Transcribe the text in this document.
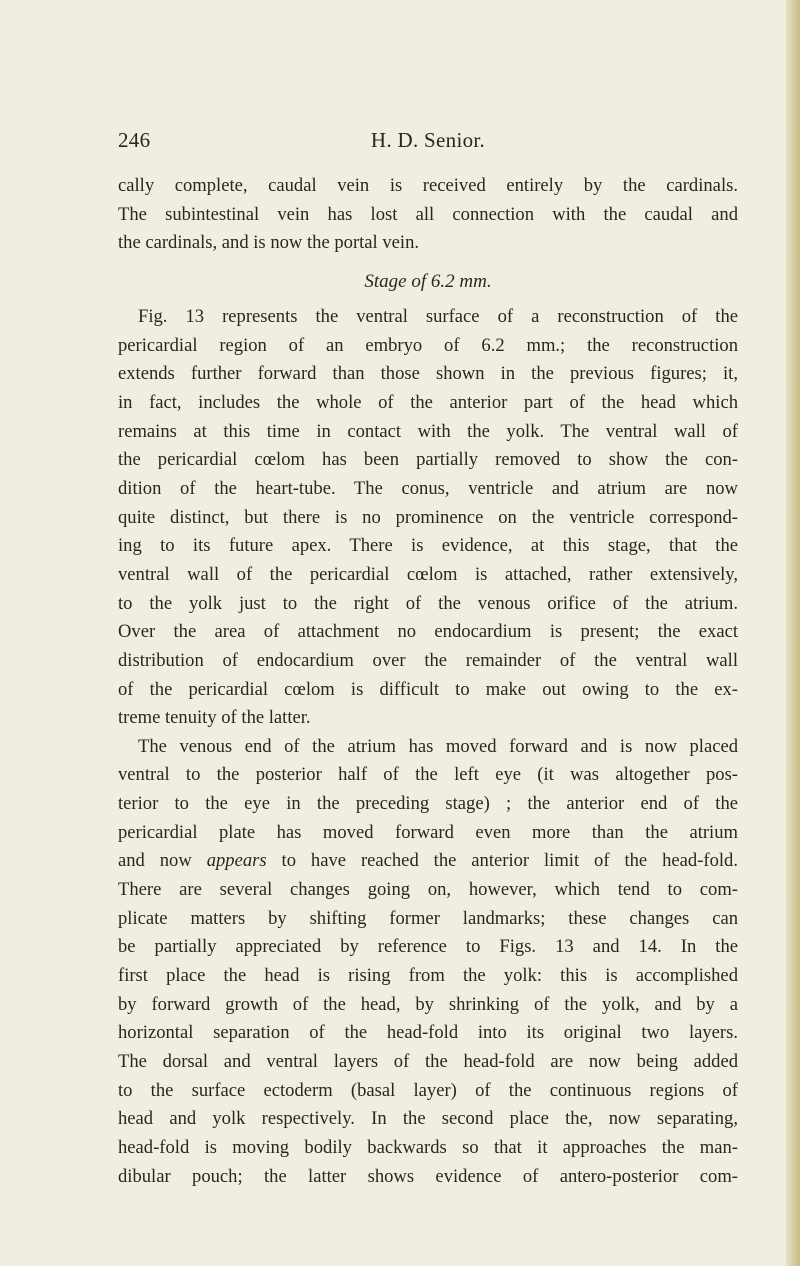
246	H. D. Senior.

cally complete, caudal vein is received entirely by the cardinals.

The subintestinal vein has lost all connection with the caudal and

the cardinals, and is now the portal vein.

Stage of 6.2 mm.

Fig. 13 represents the ventral surface of a reconstruction of the

pericardial region of an embryo of 6.2 mm.; the reconstruction

extends further forward than those shown in the previous figures; it,

in fact, includes the whole of the anterior part of the head which

remains at this time in contact with the yolk. The ventral wall of

the pericardial cœlom has been partially removed to show the con-

dition of the heart-tube. The conus, ventricle and atrium are now

quite distinct, but there is no prominence on the ventricle correspond-

ing to its future apex. There is evidence, at this stage, that the

ventral wall of the pericardial cœlom is attached, rather extensively,

to the yolk just to the right of the venous orifice of the atrium.

Over the area of attachment no endocardium is present; the exact

distribution of endocardium over the remainder of the ventral wall

of the pericardial cœlom is difficult to make out owing to the ex-

treme tenuity of the latter.

The venous end of the atrium has moved forward and is now placed

ventral to the posterior half of the left eye (it was altogether pos-

terior to the eye in the preceding stage) ; the anterior end of the

pericardial plate has moved forward even more than the atrium

and now appears to have reached the anterior limit of the head-fold.

There are several changes going on, however, which tend to com-

plicate matters by shifting former landmarks; these changes can

be partially appreciated by reference to Figs. 13 and 14. In the

first place the head is rising from the yolk: this is accomplished

by forward growth of the head, by shrinking of the yolk, and by a

horizontal separation of the head-fold into its original two layers.

The dorsal and ventral layers of the head-fold are now being added

to the surface ectoderm (basal layer) of the continuous regions of

head and yolk respectively. In the second place the, now separating,

head-fold is moving bodily backwards so that it approaches the man-

dibular pouch; the latter shows evidence of antero-posterior com-
